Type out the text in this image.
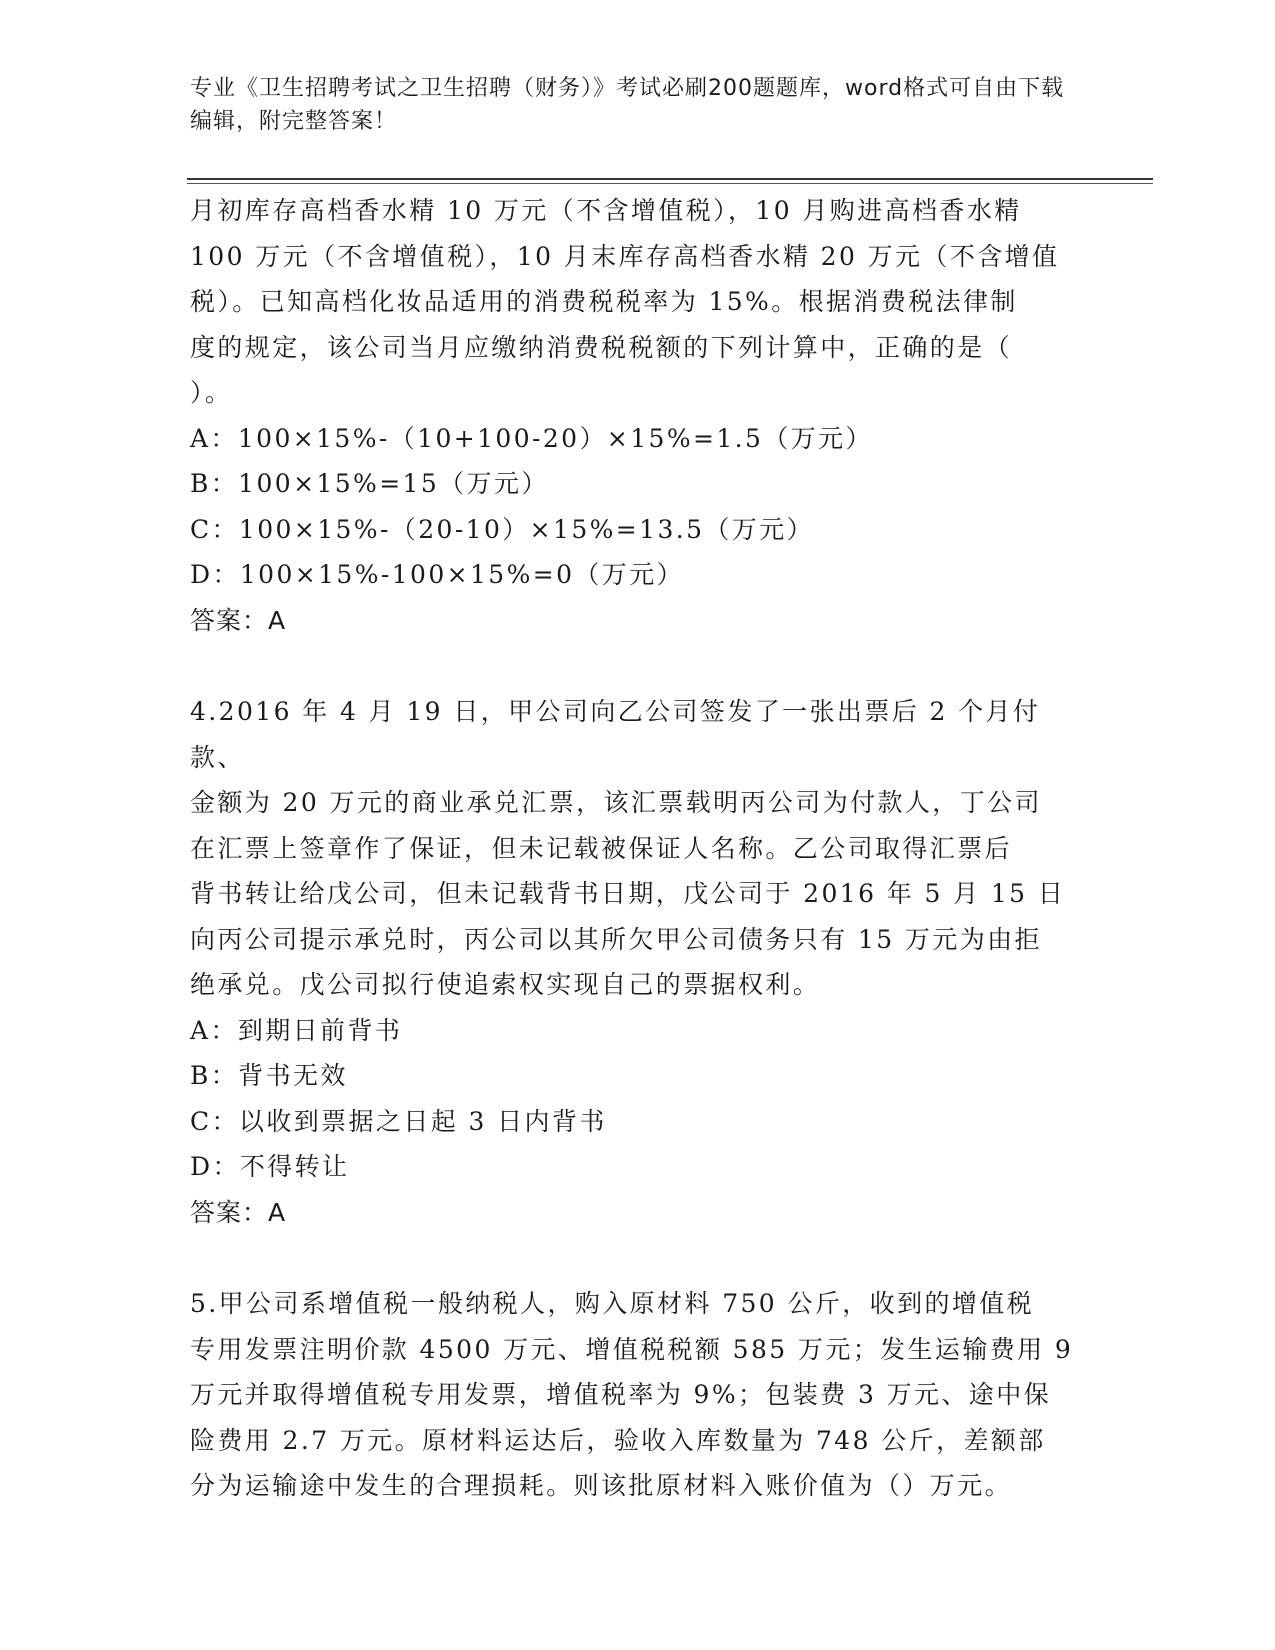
专业《卫生招聘考试之卫生招聘（财务）》考试必刷200题题库，word格式可自由下载编辑，附完整答案！

月初库存高档香水精 10 万元（不含增值税），10 月购进高档香水精

100 万元（不含增值税），10 月末库存高档香水精 20 万元（不含增值

税）。已知高档化妆品适用的消费税税率为 15%。根据消费税法律制

度的规定，该公司当月应缴纳消费税税额的下列计算中，正确的是（

）。

A：100×15%-（10+100-20）×15%=1.5（万元）
B：100×15%=15（万元）
C：100×15%-（20-10）×15%=13.5（万元）
D：100×15%-100×15%=0（万元）
答案：A

4.2016 年 4 月 19 日，甲公司向乙公司签发了一张出票后 2 个月付款、

金额为 20 万元的商业承兑汇票，该汇票载明丙公司为付款人，丁公司

在汇票上签章作了保证，但未记载被保证人名称。乙公司取得汇票后

背书转让给戊公司，但未记载背书日期，戊公司于 2016 年 5 月 15 日

向丙公司提示承兑时，丙公司以其所欠甲公司债务只有 15 万元为由拒

绝承兑。戊公司拟行使追索权实现自己的票据权利。

A：到期日前背书
B：背书无效
C：以收到票据之日起 3 日内背书
D：不得转让
答案：A

5.甲公司系增值税一般纳税人，购入原材料 750 公斤，收到的增值税

专用发票注明价款 4500 万元、增值税税额 585 万元；发生运输费用 9

万元并取得增值税专用发票，增值税率为 9%；包装费 3 万元、途中保

险费用 2.7 万元。原材料运达后，验收入库数量为 748 公斤，差额部

分为运输途中发生的合理损耗。则该批原材料入账价值为（）万元。
